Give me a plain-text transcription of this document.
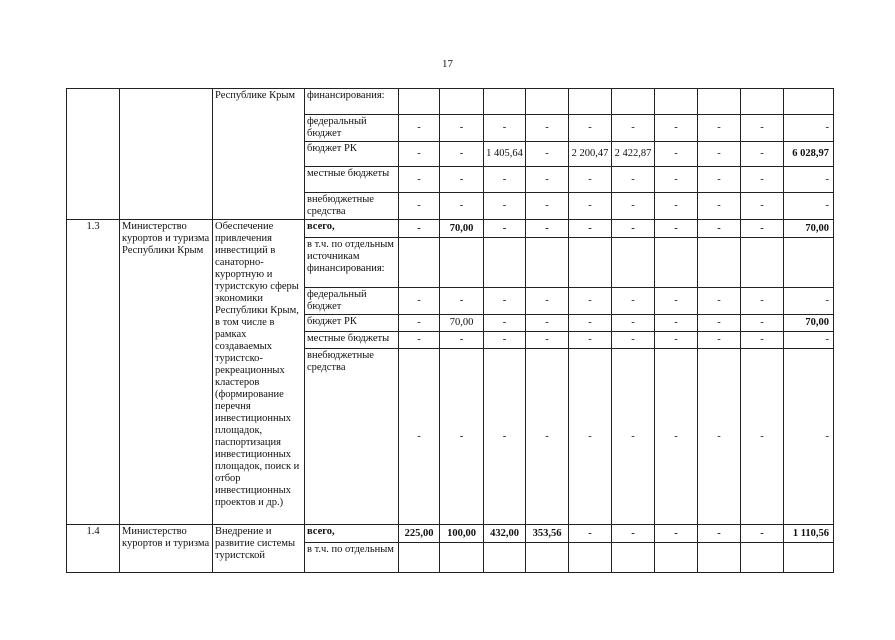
17
		Республике Крым	финансирования:										
			федеральный бюджет	-	-	-	-	-	-	-	-	-	-
			бюджет РК	-	-	1 405,64	-	2 200,47	2 422,87	-	-	-	6 028,97
			местные бюджеты	-	-	-	-	-	-	-	-	-	-
			внебюджетные средства	-	-	-	-	-	-	-	-	-	-
1.3	Министерство курортов и туризма Республики Крым	Обеспечение привлечения инвестиций в санаторно-курортную и туристскую сферы экономики Республики Крым, в том числе в рамках создаваемых туристско-рекреационных кластеров (формирование перечня инвестиционных площадок, паспортизация инвестиционных площадок, поиск и отбор инвестиционных проектов и др.)	всего,	-	70,00	-	-	-	-	-	-	-	70,00
			в т.ч. по отдельным источникам финансирования:										
			федеральный бюджет	-	-	-	-	-	-	-	-	-	-
			бюджет РК	-	70,00	-	-	-	-	-	-	-	70,00
			местные бюджеты	-	-	-	-	-	-	-	-	-	-
			внебюджетные средства	-	-	-	-	-	-	-	-	-	-
1.4	Министерство курортов и туризма	Внедрение и развитие системы туристской	всего,	225,00	100,00	432,00	353,56	-	-	-	-	-	1 110,56
			в т.ч. по отдельным										
